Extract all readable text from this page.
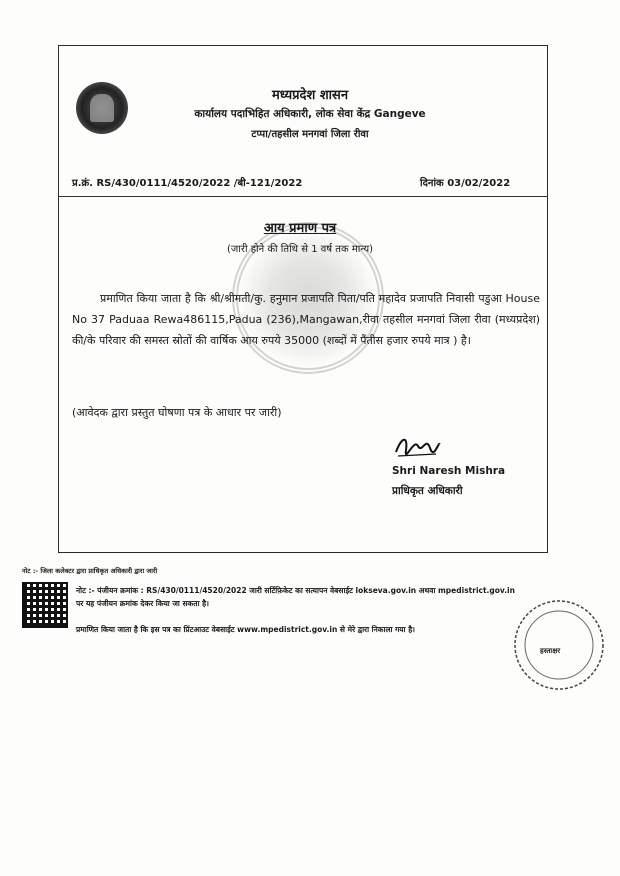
मध्यप्रदेश शासन
कार्यालय पदाभिहित अधिकारी, लोक सेवा केंद्र Gangeve
टप्पा/तहसील मनगवां जिला रीवा
प्र.क्रं. RS/430/0111/4520/2022 /बी-121/2022	दिनांक 03/02/2022
आय प्रमाण पत्र
(जारी होने की तिथि से 1 वर्ष तक मान्य)
प्रमाणित किया जाता है कि श्री/श्रीमती/कु. हनुमान प्रजापति पिता/पति महादेव प्रजापति निवासी पडुआ House No 37 Paduaa Rewa486115,Padua (236),Mangawan,रीवा तहसील मनगवां जिला रीवा (मध्यप्रदेश) की/के परिवार की समस्त स्रोतों की वार्षिक आय रुपये 35000 (शब्दों में पैंतीस हजार रुपये मात्र ) है।
(आवेदक द्वारा प्रस्तुत घोषणा पत्र के आधार पर जारी)
Shri Naresh Mishra
प्राधिकृत अधिकारी
नोट :- जिला कलेक्टर द्वारा प्राधिकृत अधिकारी द्वारा जारी
नोट :- पंजीयन क्रमांक : RS/430/0111/4520/2022 जारी सर्टिफ़िकेट का सत्यापन वेबसाईट lokseva.gov.in अथवा mpedistrict.gov.in पर यह पंजीयन क्रमांक देकर किया जा सकता है।
प्रमाणित किया जाता है कि इस पत्र का प्रिंटआउट वेबसाईट www.mpedistrict.gov.in से मेरे द्वारा निकाला गया है।
हस्ताक्षर
